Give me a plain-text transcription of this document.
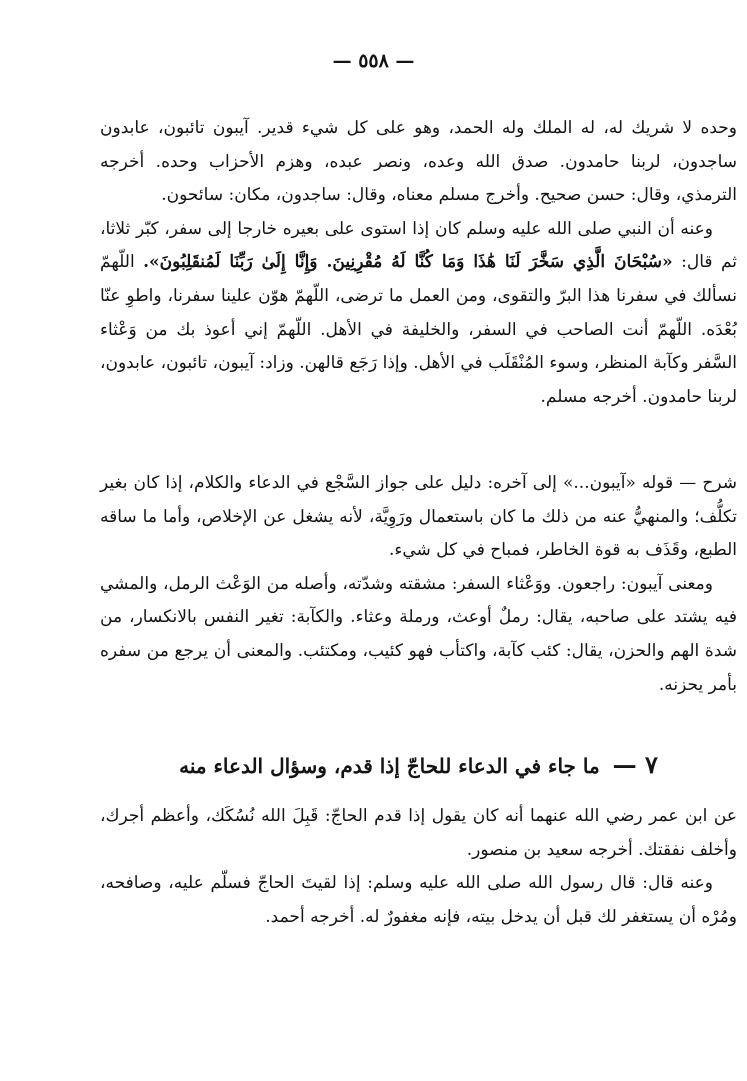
— ٥٥٨ —

وحده لا شريك له، له الملك وله الحمد، وهو على كل شيء قدير. آيبون تائبون، عابدون ساجدون، لربنا حامدون. صدق الله وعده، ونصر عبده، وهزم الأحزاب وحده. أخرجه الترمذي، وقال: حسن صحيح. وأخرج مسلم معناه، وقال: ساجدون، مكان: سائحون.

وعنه أن النبي صلى الله عليه وسلم كان إذا استوى على بعيره خارجا إلى سفر، كبّر ثلاثا، ثم قال: «سُبْحَانَ الَّذِي سَخَّرَ لَنَا هَٰذَا وَمَا كُنَّا لَهُ مُقْرِنِينَ. وَإِنَّا إِلَىٰ رَبِّنَا لَمُنقَلِبُونَ». اللّهمّ نسألك في سفرنا هذا البرّ والتقوى، ومن العمل ما ترضى، اللّهمّ هوّن علينا سفرنا، واطوِ عنّا بُعْدَه. اللّهمّ أنت الصاحب في السفر، والخليفة في الأهل. اللّهمّ إني أعوذ بك من وَعْثاء السَّفر وكآبة المنظر، وسوء المُنْقَلَب في الأهل. وإذا رَجَع قالهن. وزاد: آيبون، تائبون، عابدون، لربنا حامدون. أخرجه مسلم.

شرح — قوله «آيبون...» إلى آخره: دليل على جواز السَّجْع في الدعاء والكلام، إذا كان بغير تكلُّف؛ والمنهيُّ عنه من ذلك ما كان باستعمال ورَوِيَّة، لأنه يشغل عن الإخلاص، وأما ما ساقه الطبع، وقَذَف به قوة الخاطر، فمباح في كل شيء.

ومعنى آيبون: راجعون. ووَعْثاء السفر: مشقته وشدّته، وأصله من الوَعْث الرمل، والمشي فيه يشتد على صاحبه، يقال: رملٌ أوعث، ورملة وعثاء. والكآبة: تغير النفس بالانكسار، من شدة الهم والحزن، يقال: كئب كآبة، واكتأب فهو كئيب، ومكتئب. والمعنى أن يرجع من سفره بأمر يحزنه.

٧ — ما جاء في الدعاء للحاجّ إذا قدم، وسؤال الدعاء منه

عن ابن عمر رضي الله عنهما أنه كان يقول إذا قدم الحاجّ: قَبِلَ الله نُسُكَك، وأعظم أجرك، وأخلف نفقتك. أخرجه سعيد بن منصور.

وعنه قال: قال رسول الله صلى الله عليه وسلم: إذا لقيتَ الحاجّ فسلّم عليه، وصافحه، ومُرْه أن يستغفر لك قبل أن يدخل بيته، فإنه مغفورٌ له. أخرجه أحمد.
